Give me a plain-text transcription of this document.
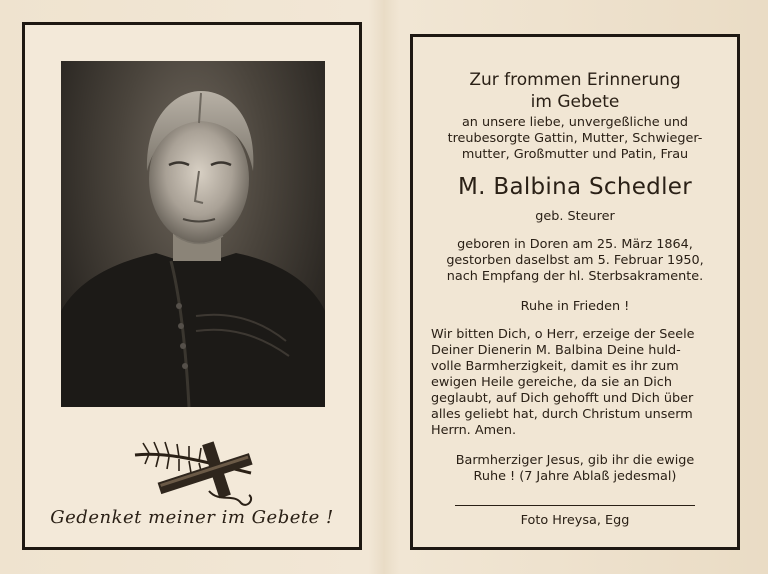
Gedenket meiner im Gebete !
Zur frommen Erinnerung
im Gebete
an unsere liebe, unvergeßliche und
treubesorgte Gattin, Mutter, Schwieger-
mutter, Großmutter und Patin, Frau
M. Balbina Schedler
geb. Steurer
geboren in Doren am 25. März 1864,
gestorben daselbst am 5. Februar 1950,
nach Empfang der hl. Sterbsakramente.
Ruhe in Frieden !
Wir bitten Dich, o Herr, erzeige der Seele
Deiner Dienerin M. Balbina Deine huld-
volle Barmherzigkeit, damit es ihr zum
ewigen Heile gereiche, da sie an Dich
geglaubt, auf Dich gehofft und Dich über
alles geliebt hat, durch Christum unserm
Herrn. Amen.
Barmherziger Jesus, gib ihr die ewige
Ruhe ! (7 Jahre Ablaß jedesmal)
Foto Hreysa, Egg
